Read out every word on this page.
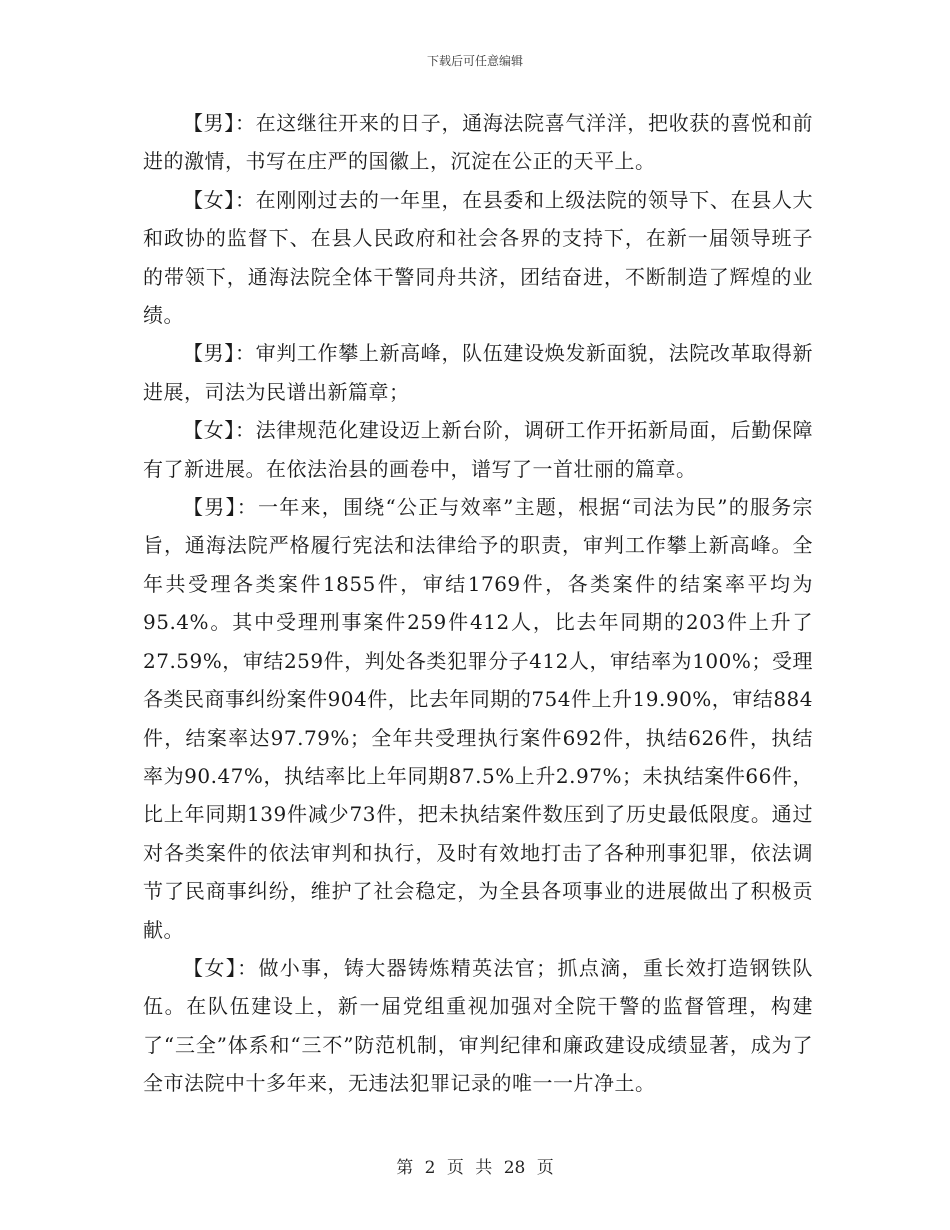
下载后可任意编辑

【男】：在这继往开来的日子，通海法院喜气洋洋，把收获的喜悦和前进的激情，书写在庄严的国徽上，沉淀在公正的天平上。

【女】：在刚刚过去的一年里，在县委和上级法院的领导下、在县人大和政协的监督下、在县人民政府和社会各界的支持下，在新一届领导班子的带领下，通海法院全体干警同舟共济，团结奋进，不断制造了辉煌的业绩。

【男】：审判工作攀上新高峰，队伍建设焕发新面貌，法院改革取得新进展，司法为民谱出新篇章；

【女】：法律规范化建设迈上新台阶，调研工作开拓新局面，后勤保障有了新进展。在依法治县的画卷中，谱写了一首壮丽的篇章。

【男】：一年来，围绕“公正与效率”主题，根据“司法为民”的服务宗旨，通海法院严格履行宪法和法律给予的职责，审判工作攀上新高峰。全年共受理各类案件1855件，审结1769件，各类案件的结案率平均为95.4%。其中受理刑事案件259件412人，比去年同期的203件上升了27.59%，审结259件，判处各类犯罪分子412人，审结率为100%；受理各类民商事纠纷案件904件，比去年同期的754件上升19.90%，审结884件，结案率达97.79%；全年共受理执行案件692件，执结626件，执结率为90.47%，执结率比上年同期87.5%上升2.97%；未执结案件66件，比上年同期139件减少73件，把未执结案件数压到了历史最低限度。通过对各类案件的依法审判和执行，及时有效地打击了各种刑事犯罪，依法调节了民商事纠纷，维护了社会稳定，为全县各项事业的进展做出了积极贡献。

【女】：做小事，铸大器铸炼精英法官；抓点滴，重长效打造钢铁队伍。在队伍建设上，新一届党组重视加强对全院干警的监督管理，构建了“三全”体系和“三不”防范机制，审判纪律和廉政建设成绩显著，成为了全市法院中十多年来，无违法犯罪记录的唯一一片净土。

第 2 页 共 28 页
